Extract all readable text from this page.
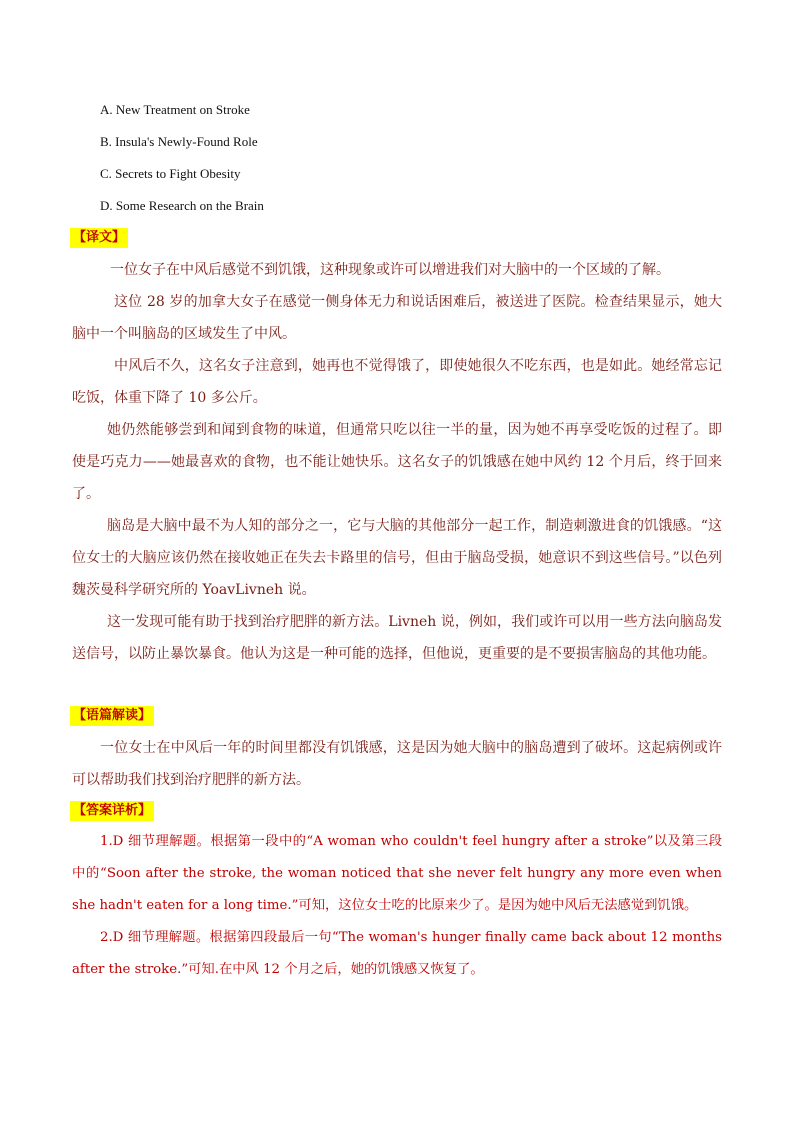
A. New Treatment on Stroke
B. Insula's Newly-Found Role
C. Secrets to Fight Obesity
D. Some Research on the Brain
【译文】

一位女子在中风后感觉不到饥饿，这种现象或许可以增进我们对大脑中的一个区域的了解。

这位 28 岁的加拿大女子在感觉一侧身体无力和说话困难后，被送进了医院。检查结果显示，她大脑中一个叫脑岛的区域发生了中风。

中风后不久，这名女子注意到，她再也不觉得饿了，即使她很久不吃东西，也是如此。她经常忘记吃饭，体重下降了 10 多公斤。

她仍然能够尝到和闻到食物的味道，但通常只吃以往一半的量，因为她不再享受吃饭的过程了。即使是巧克力——她最喜欢的食物，也不能让她快乐。这名女子的饥饿感在她中风约 12 个月后，终于回来了。

脑岛是大脑中最不为人知的部分之一，它与大脑的其他部分一起工作，制造刺激进食的饥饿感。“这位女士的大脑应该仍然在接收她正在失去卡路里的信号，但由于脑岛受损，她意识不到这些信号。”以色列魏茨曼科学研究所的 YoavLivneh 说。

这一发现可能有助于找到治疗肥胖的新方法。Livneh 说，例如，我们或许可以用一些方法向脑岛发送信号，以防止暴饮暴食。他认为这是一种可能的选择，但他说，更重要的是不要损害脑岛的其他功能。

【语篇解读】

一位女士在中风后一年的时间里都没有饥饿感，这是因为她大脑中的脑岛遭到了破坏。这起病例或许可以帮助我们找到治疗肥胖的新方法。

【答案详析】

1.D 细节理解题。根据第一段中的“A woman who couldn't feel hungry after a stroke”以及第三段中的“Soon after the stroke, the woman noticed that she never felt hungry any more even when she hadn't eaten for a long time.”可知，这位女士吃的比原来少了。是因为她中风后无法感觉到饥饿。

2.D 细节理解题。根据第四段最后一句“The woman's hunger finally came back about 12 months after the stroke.”可知.在中风 12 个月之后，她的饥饿感又恢复了。
